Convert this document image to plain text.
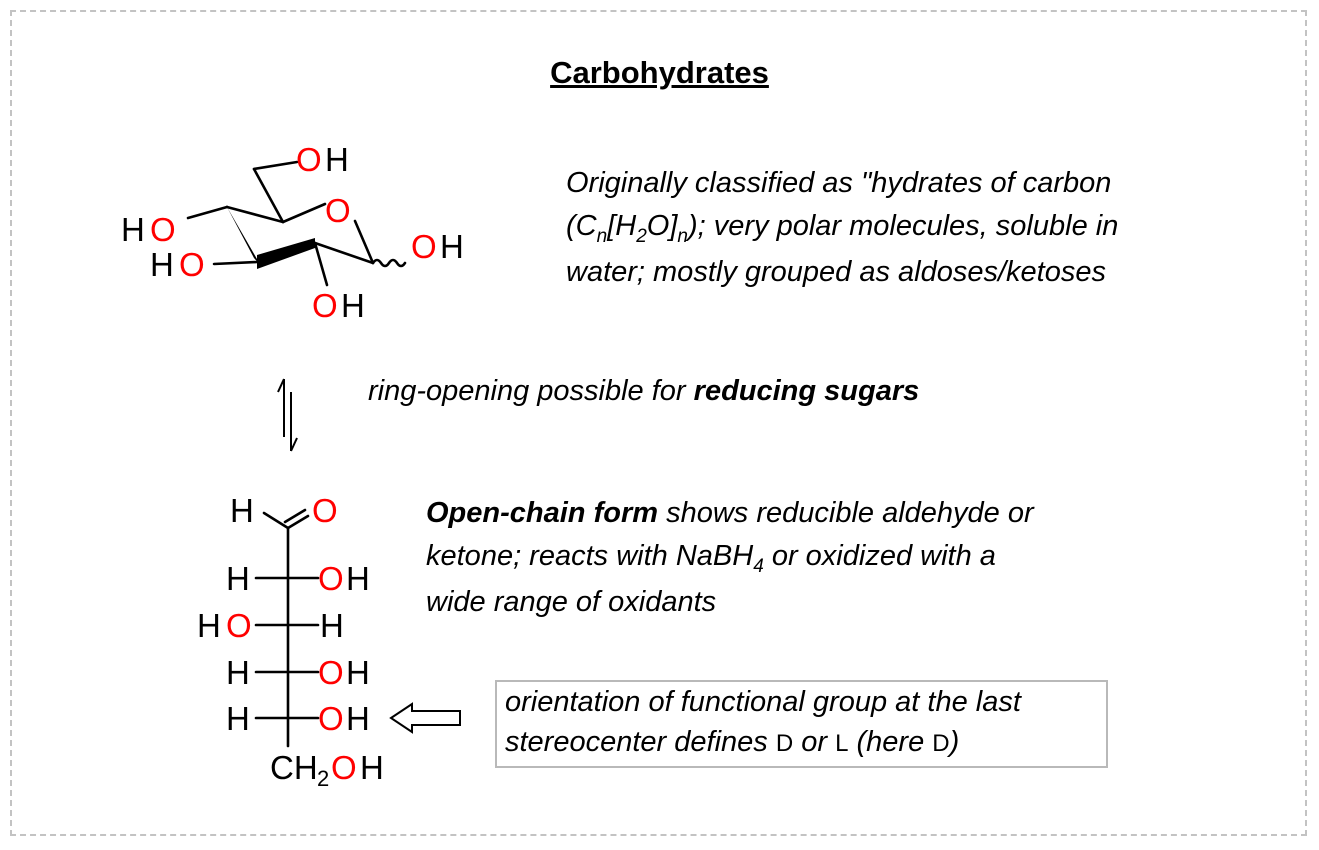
Carbohydrates
Originally classified as "hydrates of carbon
$(C_n[H_2O]_n)$; very polar molecules, soluble in
water; mostly grouped as aldoses/ketoses
ring-opening possible for reducing sugars
Open-chain form shows reducible aldehyde or
ketone; reacts with NaBH$_4$ or oxidized with a
wide range of oxidants
orientation of functional group at the last
stereocenter defines D or L (here D)
O H
O
H O
H O	O H
O H
H O
H O H
H O H
H O H
H O H
CH 2 O H
